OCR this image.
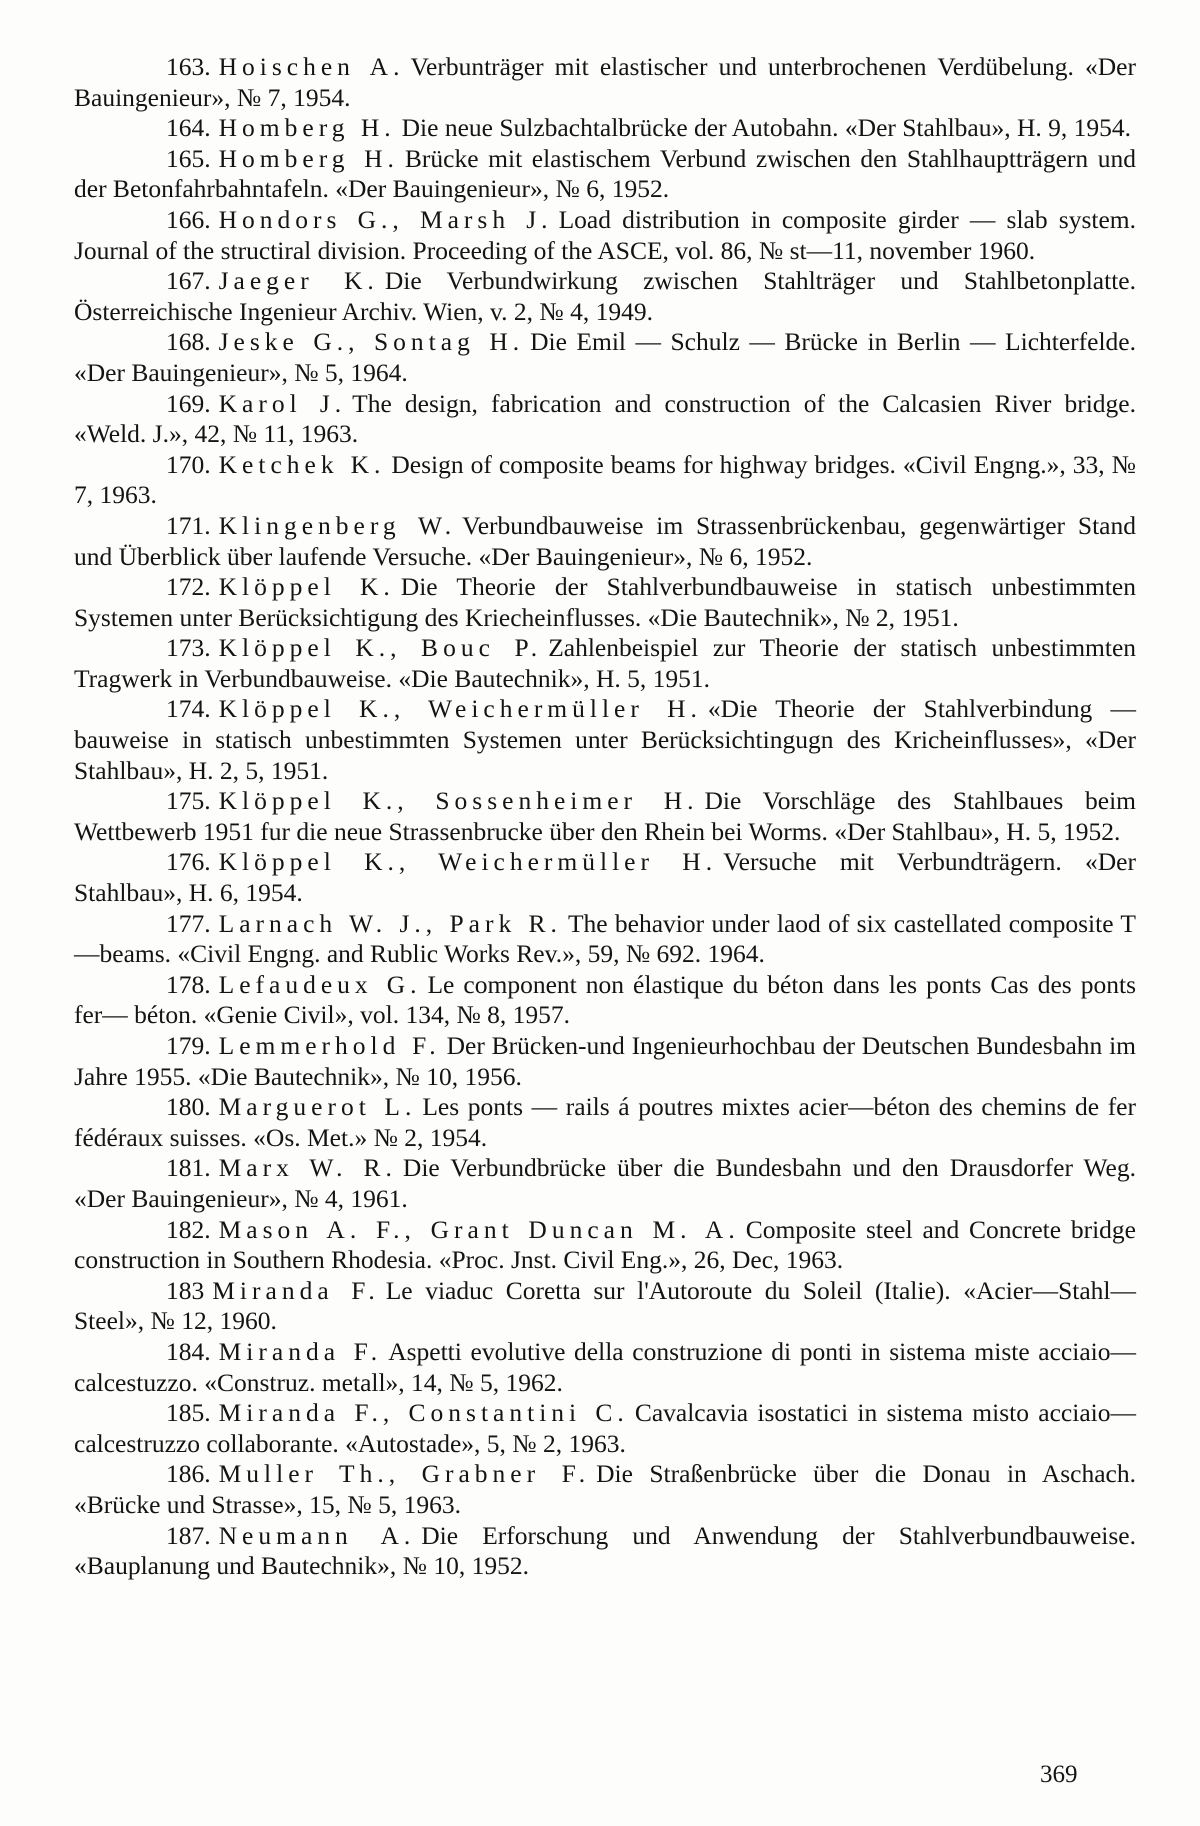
163. Hoischen A. Verbunträger mit elastischer und unterbrochenen Verdübelung. «Der Bauingenieur», № 7, 1954.

164. Homberg H. Die neue Sulzbachtalbrücke der Autobahn. «Der Stahlbau», H. 9, 1954.

165. Homberg H. Brücke mit elastischem Verbund zwischen den Stahlhauptträgern und der Betonfahrbahntafeln. «Der Bauingenieur», № 6, 1952.

166. Hondors G., Marsh J. Load distribution in composite girder — slab system. Journal of the structiral division. Proceeding of the ASCE, vol. 86, № st—11, november 1960.

167. Jaeger K. Die Verbundwirkung zwischen Stahlträger und Stahlbetonplatte. Österreichische Ingenieur Archiv. Wien, v. 2, № 4, 1949.

168. Jeske G., Sontag H. Die Emil — Schulz — Brücke in Berlin — Lichterfelde. «Der Bauingenieur», № 5, 1964.

169. Karol J. The design, fabrication and construction of the Calcasien River bridge. «Weld. J.», 42, № 11, 1963.

170. Ketchek K. Design of composite beams for highway bridges. «Civil Engng.», 33, № 7, 1963.

171. Klingenberg W. Verbundbauweise im Strassenbrückenbau, gegenwärtiger Stand und Überblick über laufende Versuche. «Der Bauingenieur», № 6, 1952.

172. Klöppel K. Die Theorie der Stahlverbundbauweise in statisch unbestimmten Systemen unter Berücksichtigung des Kriecheinflusses. «Die Bautechnik», № 2, 1951.

173. Klöppel K., Bouc P. Zahlenbeispiel zur Theorie der statisch unbestimmten Tragwerk in Verbundbauweise. «Die Bautechnik», H. 5, 1951.

174. Klöppel K., Weichermüller H. «Die Theorie der Stahlverbindung — bauweise in statisch unbestimmten Systemen unter Berücksichtingugn des Kricheinflusses», «Der Stahlbau», H. 2, 5, 1951.

175. Klöppel K., Sossenheimer H. Die Vorschläge des Stahlbaues beim Wettbewerb 1951 fur die neue Strassenbrucke über den Rhein bei Worms. «Der Stahlbau», H. 5, 1952.

176. Klöppel K., Weichermüller H. Versuche mit Verbundträgern. «Der Stahlbau», H. 6, 1954.

177. Larnach W. J., Park R. The behavior under laod of six castellated composite T—beams. «Civil Engng. and Rublic Works Rev.», 59, № 692. 1964.

178. Lefaudeux G. Le component non élastique du béton dans les ponts Cas des ponts fer— béton. «Genie Civil», vol. 134, № 8, 1957.

179. Lemmerhold F. Der Brücken-und Ingenieurhochbau der Deutschen Bundesbahn im Jahre 1955. «Die Bautechnik», № 10, 1956.

180. Marguerot L. Les ponts — rails á poutres mixtes acier—béton des chemins de fer fédéraux suisses. «Os. Met.» № 2, 1954.

181. Marx W. R. Die Verbundbrücke über die Bundesbahn und den Drausdorfer Weg. «Der Bauingenieur», № 4, 1961.

182. Mason A. F., Grant Duncan M. A. Composite steel and Concrete bridge construction in Southern Rhodesia. «Proc. Jnst. Civil Eng.», 26, Dec, 1963.

183 Miranda F. Le viaduc Coretta sur l'Autoroute du Soleil (Italie). «Acier—Stahl—Steel», № 12, 1960.

184. Miranda F. Aspetti evolutive della construzione di ponti in sistema miste acciaio—calcestuzzo. «Construz. metall», 14, № 5, 1962.

185. Miranda F., Constantini C. Cavalcavia isostatici in sistema misto acciaio—calcestruzzo collaborante. «Autostade», 5, № 2, 1963.

186. Muller Th., Grabner F. Die Straßenbrücke über die Donau in Aschach. «Brücke und Strasse», 15, № 5, 1963.

187. Neumann A. Die Erforschung und Anwendung der Stahlverbundbauweise. «Bauplanung und Bautechnik», № 10, 1952.

369
